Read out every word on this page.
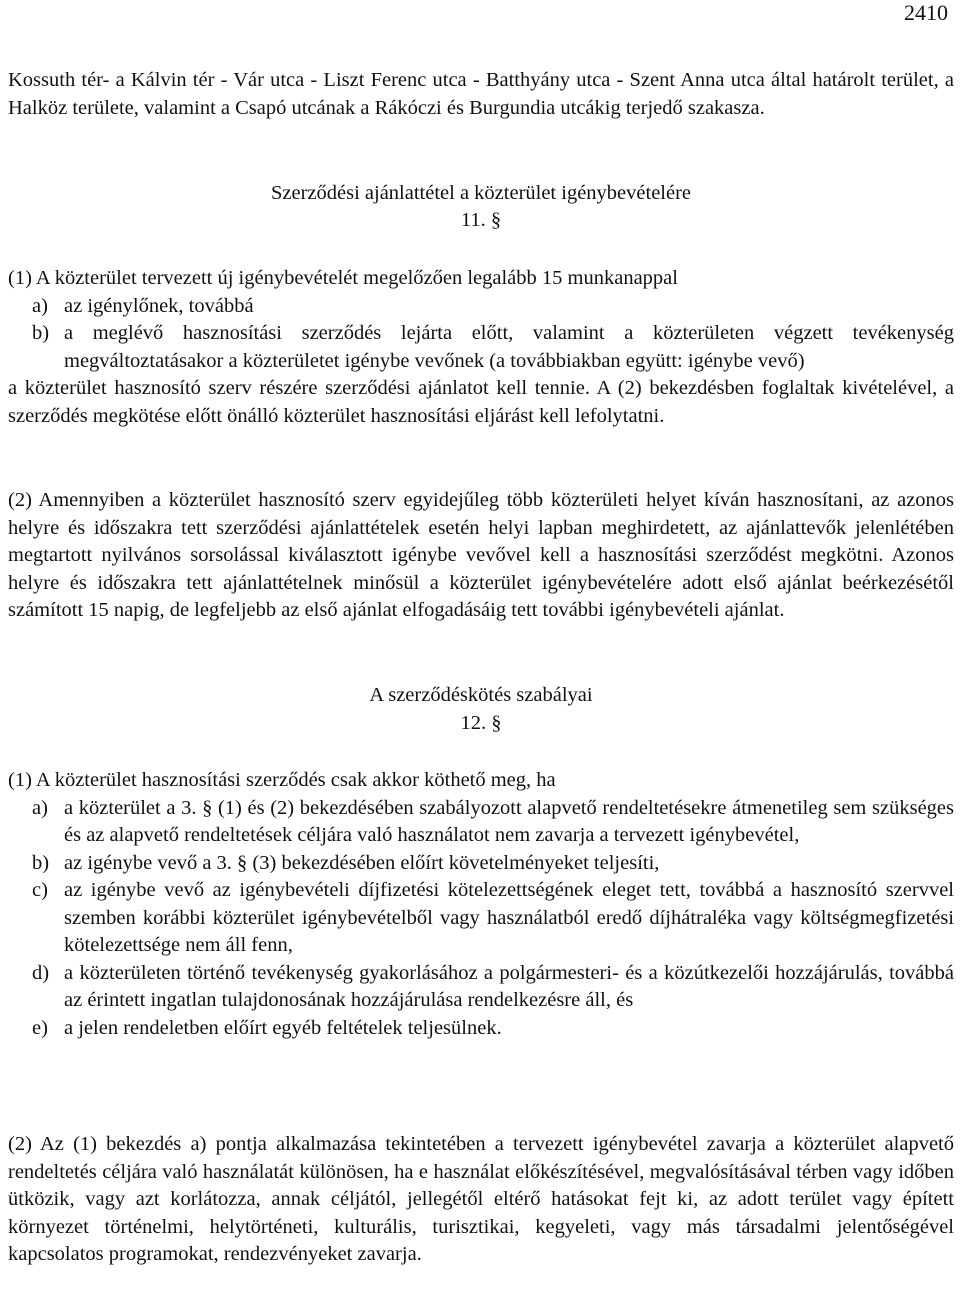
2410

Kossuth tér- a Kálvin tér - Vár utca - Liszt Ferenc utca - Batthyány utca - Szent Anna utca által határolt terület, a Halköz területe, valamint a Csapó utcának a Rákóczi és Burgundia utcákig terjedő szakasza.

Szerződési ajánlattétel a közterület igénybevételére

11. §

(1) A közterület tervezett új igénybevételét megelőzően legalább 15 munkanappal

a) az igénylőnek, továbbá
b) a meglévő hasznosítási szerződés lejárta előtt, valamint a közterületen végzett tevékenység megváltoztatásakor a közterületet igénybe vevőnek (a továbbiakban együtt: igénybe vevő)

a közterület hasznosító szerv részére szerződési ajánlatot kell tennie. A (2) bekezdésben foglaltak kivételével, a szerződés megkötése előtt önálló közterület hasznosítási eljárást kell lefolytatni.

(2) Amennyiben a közterület hasznosító szerv egyidejűleg több közterületi helyet kíván hasznosítani, az azonos helyre és időszakra tett szerződési ajánlattételek esetén helyi lapban meghirdetett, az ajánlattevők jelenlétében megtartott nyilvános sorsolással kiválasztott igénybe vevővel kell a hasznosítási szerződést megkötni. Azonos helyre és időszakra tett ajánlattételnek minősül a közterület igénybevételére adott első ajánlat beérkezésétől számított 15 napig, de legfeljebb az első ajánlat elfogadásáig tett további igénybevételi ajánlat.

A szerződéskötés szabályai

12. §

(1) A közterület hasznosítási szerződés csak akkor köthető meg, ha

a) a közterület a 3. § (1) és (2) bekezdésében szabályozott alapvető rendeltetésekre átmenetileg sem szükséges és az alapvető rendeltetések céljára való használatot nem zavarja a tervezett igénybevétel,
b) az igénybe vevő a 3. § (3) bekezdésében előírt követelményeket teljesíti,
c) az igénybe vevő az igénybevételi díjfizetési kötelezettségének eleget tett, továbbá a hasznosító szervvel szemben korábbi közterület igénybevételből vagy használatból eredő díjhátraléka vagy költségmegfizetési kötelezettsége nem áll fenn,
d) a közterületen történő tevékenység gyakorlásához a polgármesteri- és a közútkezelői hozzájárulás, továbbá az érintett ingatlan tulajdonosának hozzájárulása rendelkezésre áll, és
e) a jelen rendeletben előírt egyéb feltételek teljesülnek.

(2) Az (1) bekezdés a) pontja alkalmazása tekintetében a tervezett igénybevétel zavarja a közterület alapvető rendeltetés céljára való használatát különösen, ha e használat előkészítésével, megvalósításával térben vagy időben ütközik, vagy azt korlátozza, annak céljától, jellegétől eltérő hatásokat fejt ki, az adott terület vagy épített környezet történelmi, helytörténeti, kulturális, turisztikai, kegyeleti, vagy más társadalmi jelentőségével kapcsolatos programokat, rendezvényeket zavarja.
